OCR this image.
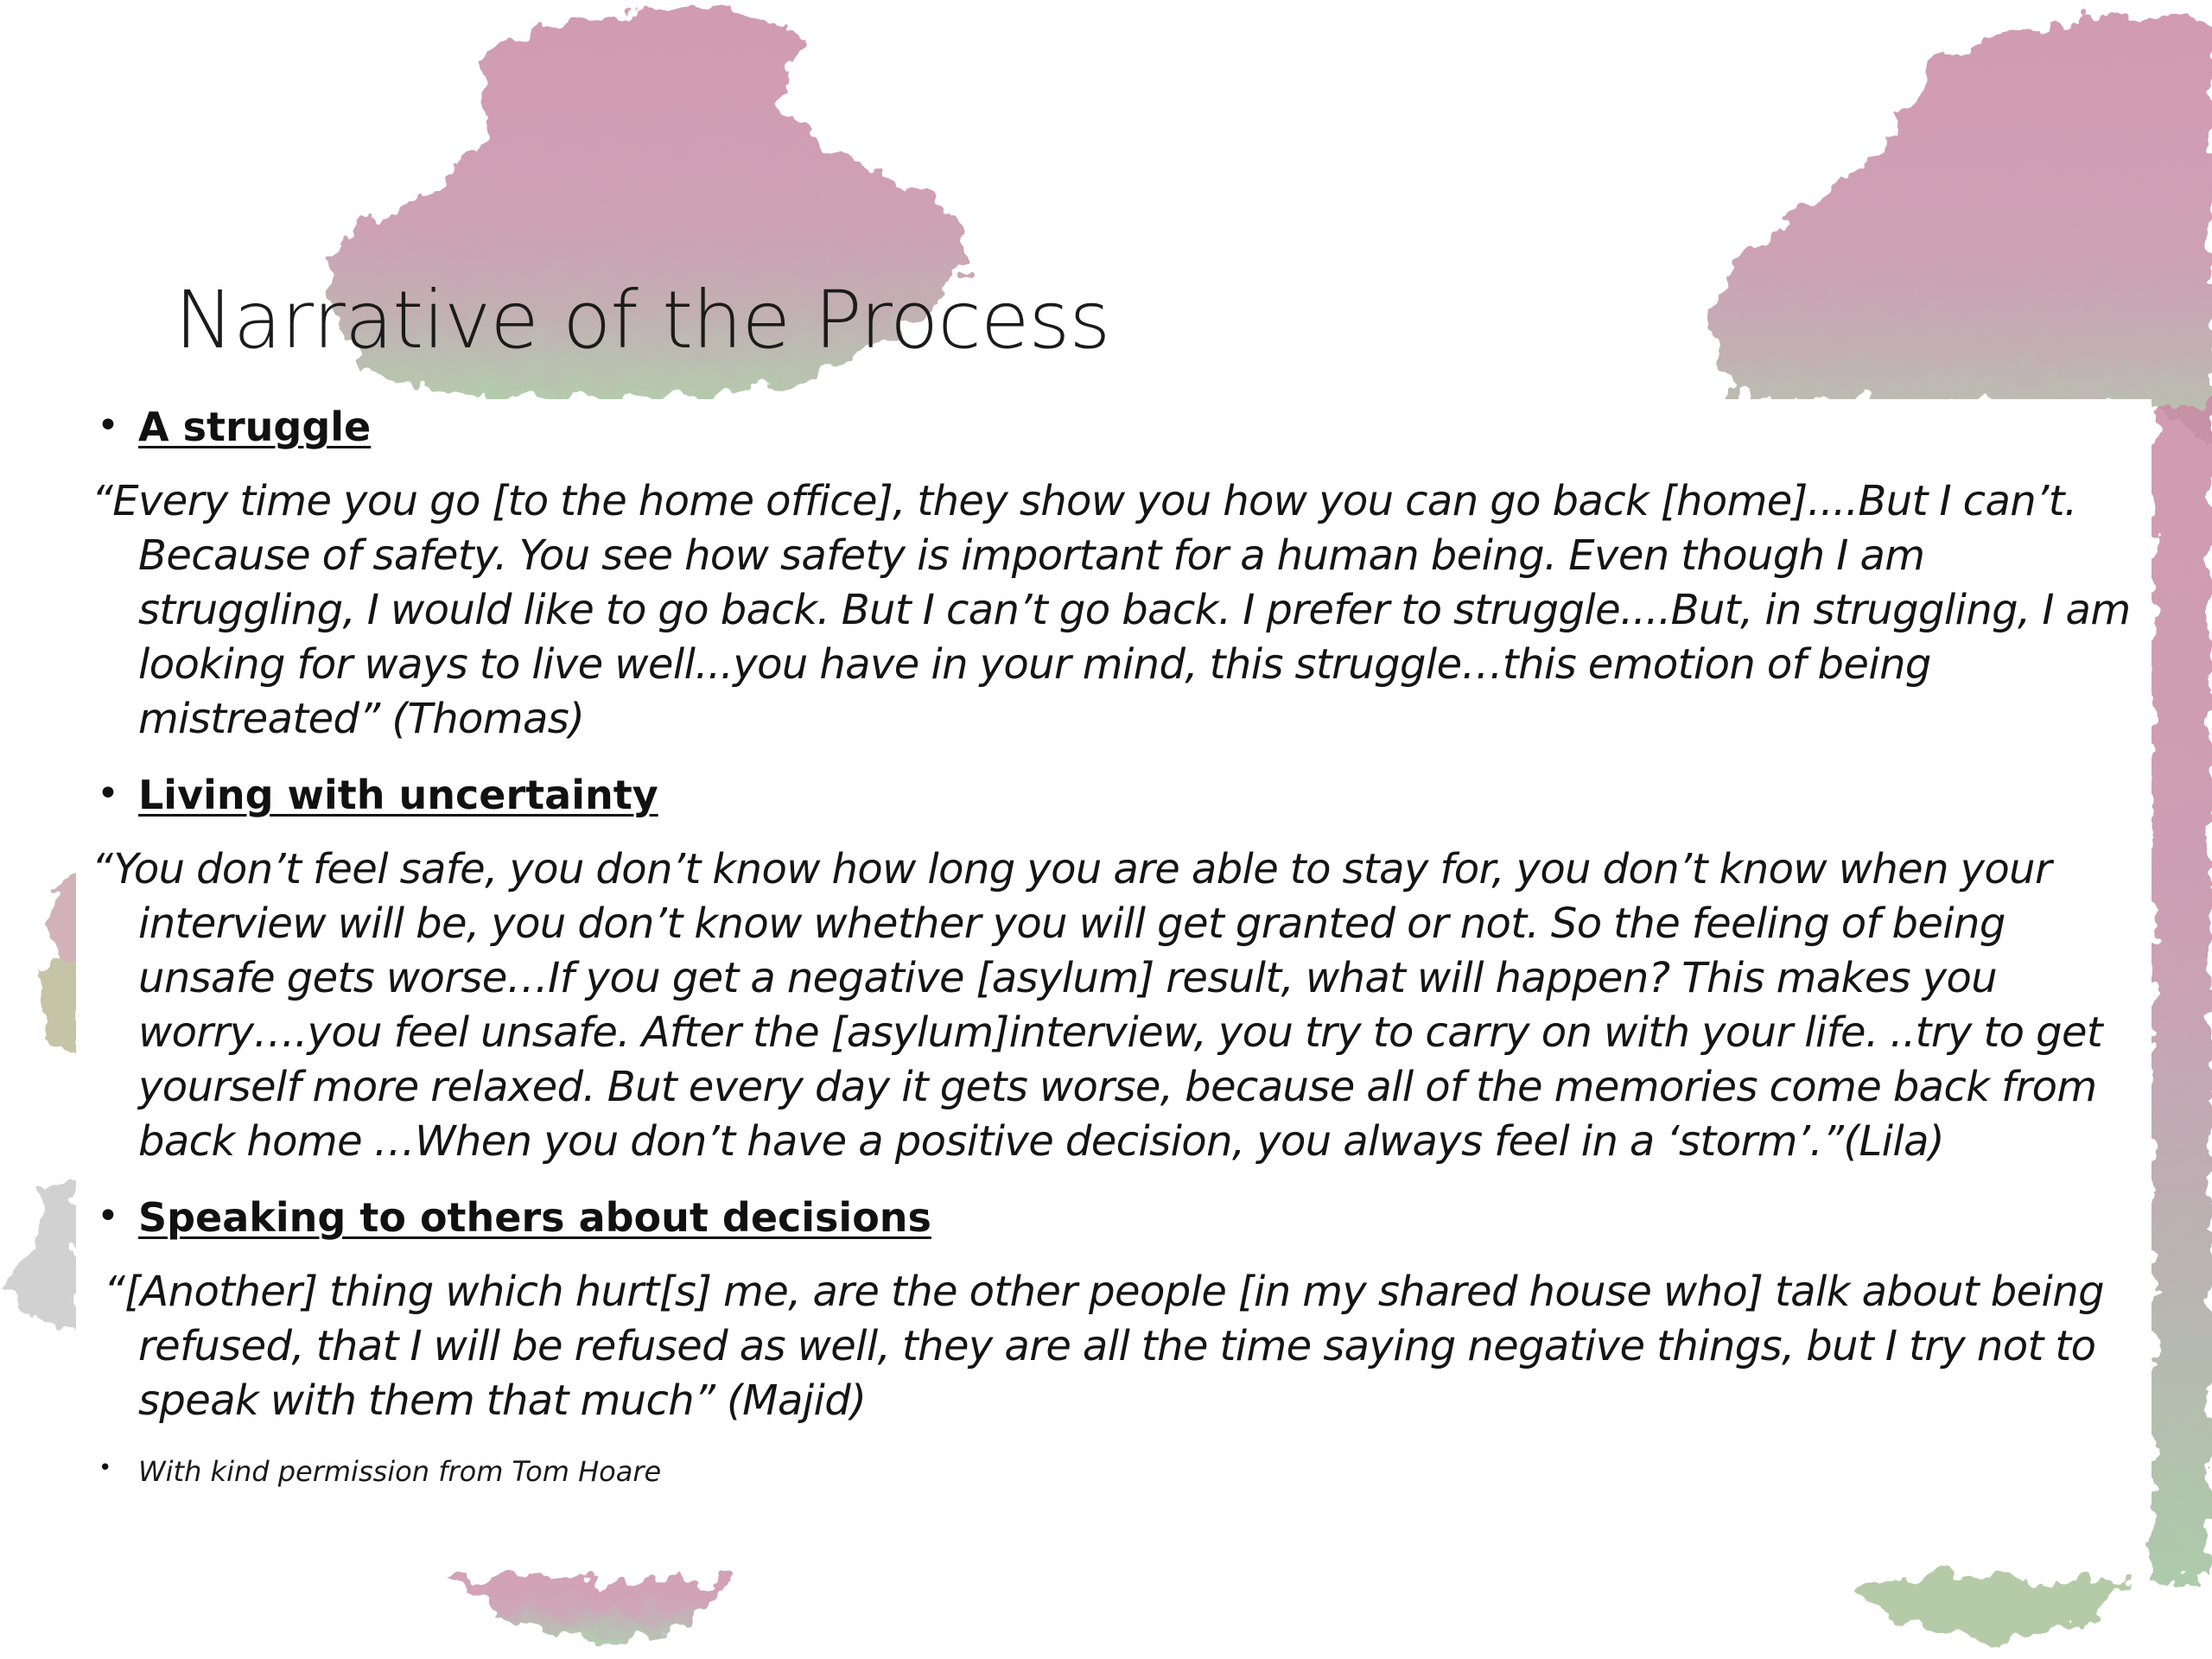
Narrative of the Process
• A struggle

“Every time you go [to the home office], they show you how you can go back [home]....But I can’t. Because of safety. You see how safety is important for a human being. Even though I am struggling, I would like to go back. But I can’t go back. I prefer to struggle....But, in struggling, I am looking for ways to live well...you have in your mind, this struggle…this emotion of being mistreated” (Thomas)

• Living with uncertainty

“You don’t feel safe, you don’t know how long you are able to stay for, you don’t know when your interview will be, you don’t know whether you will get granted or not. So the feeling of being unsafe gets worse…If you get a negative [asylum] result, what will happen? This makes you worry….you feel unsafe. After the [asylum]interview, you try to carry on with your life. ..try to get yourself more relaxed. But every day it gets worse, because all of the memories come back from back home …When you don’t have a positive decision, you always feel in a ‘storm’.”(Lila)

• Speaking to others about decisions

“[Another] thing which hurt[s] me, are the other people [in my shared house who] talk about being refused, that I will be refused as well, they are all the time saying negative things, but I try not to speak with them that much” (Majid)

• With kind permission from Tom Hoare
